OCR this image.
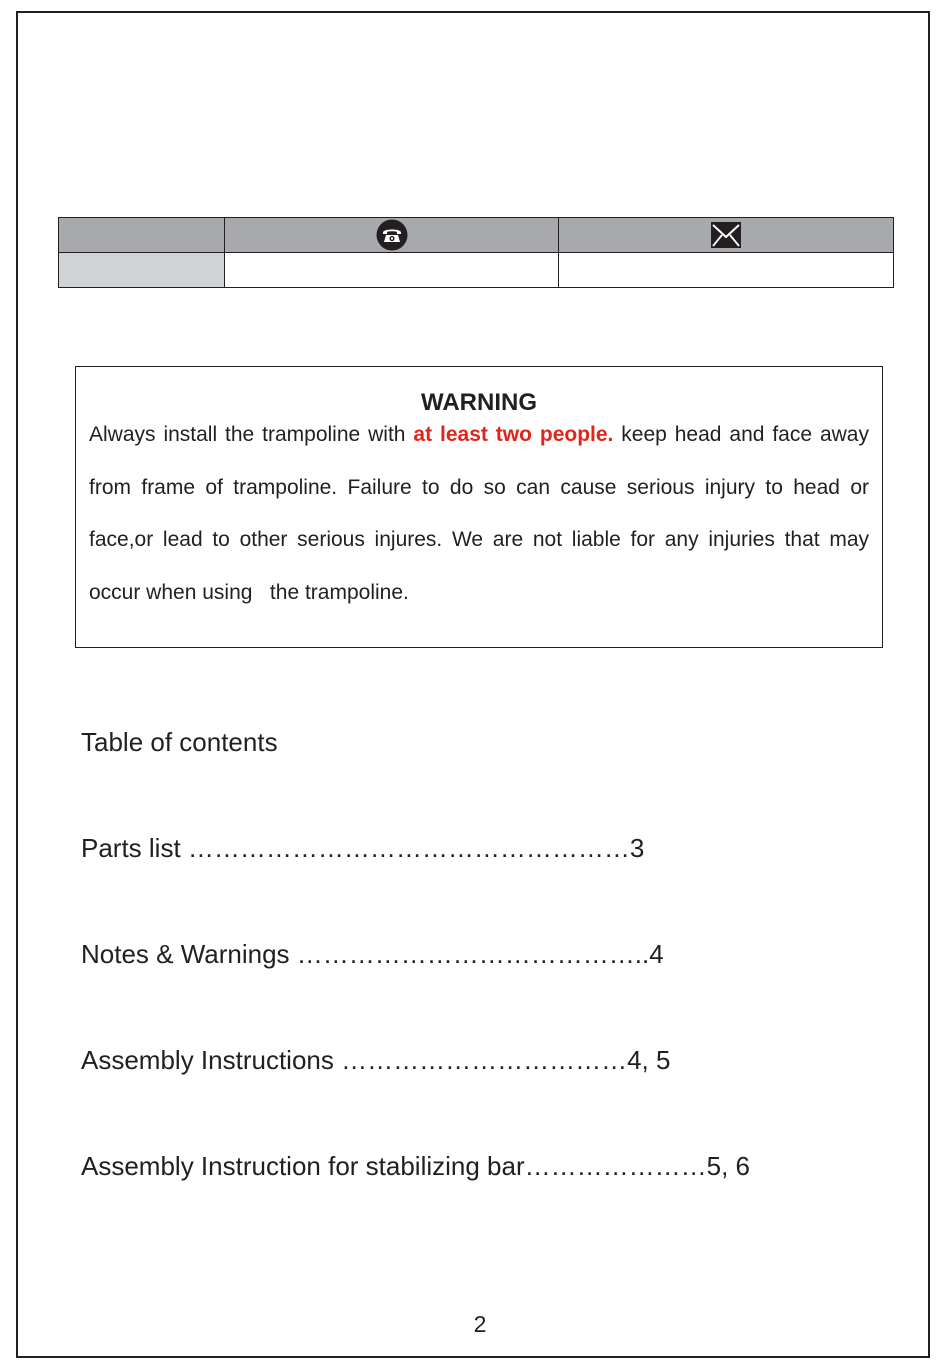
WARNING

Always install the trampoline with at least two people. keep head and face away from frame of trampoline. Failure to do so can cause serious injury to head or face,or lead to other serious injures. We are not liable for any injuries that may occur when using   the trampoline.

Table of contents

Parts list ……………………………………………3

Notes & Warnings …………………………………..4

Assembly Instructions ……………………………4, 5

Assembly Instruction for stabilizing bar…………………5, 6

2
